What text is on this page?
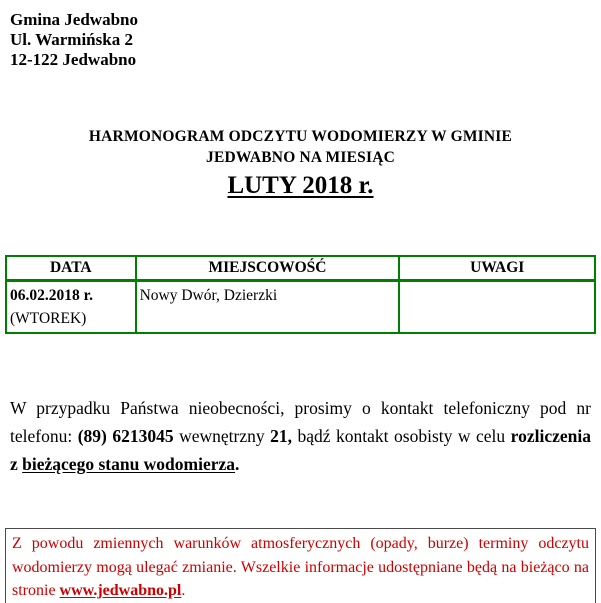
Gmina Jedwabno
Ul. Warmińska 2
12-122 Jedwabno
HARMONOGRAM ODCZYTU WODOMIERZY W GMINIE
JEDWABNO NA MIESIĄC
LUTY 2018 r.
DATA	MIEJSCOWOŚĆ	UWAGI

06.02.2018 r.
(WTOREK)	Nowy Dwór, Dzierzki	

W przypadku Państwa nieobecności, prosimy o kontakt telefoniczny pod nr telefonu: (89) 6213045 wewnętrzny 21, bądź kontakt osobisty w celu rozliczenia z bieżącego stanu wodomierza.

Z powodu zmiennych warunków atmosferycznych (opady, burze) terminy odczytu wodomierzy mogą ulegać zmianie. Wszelkie informacje udostępniane będą na bieżąco na stronie www.jedwabno.pl.
